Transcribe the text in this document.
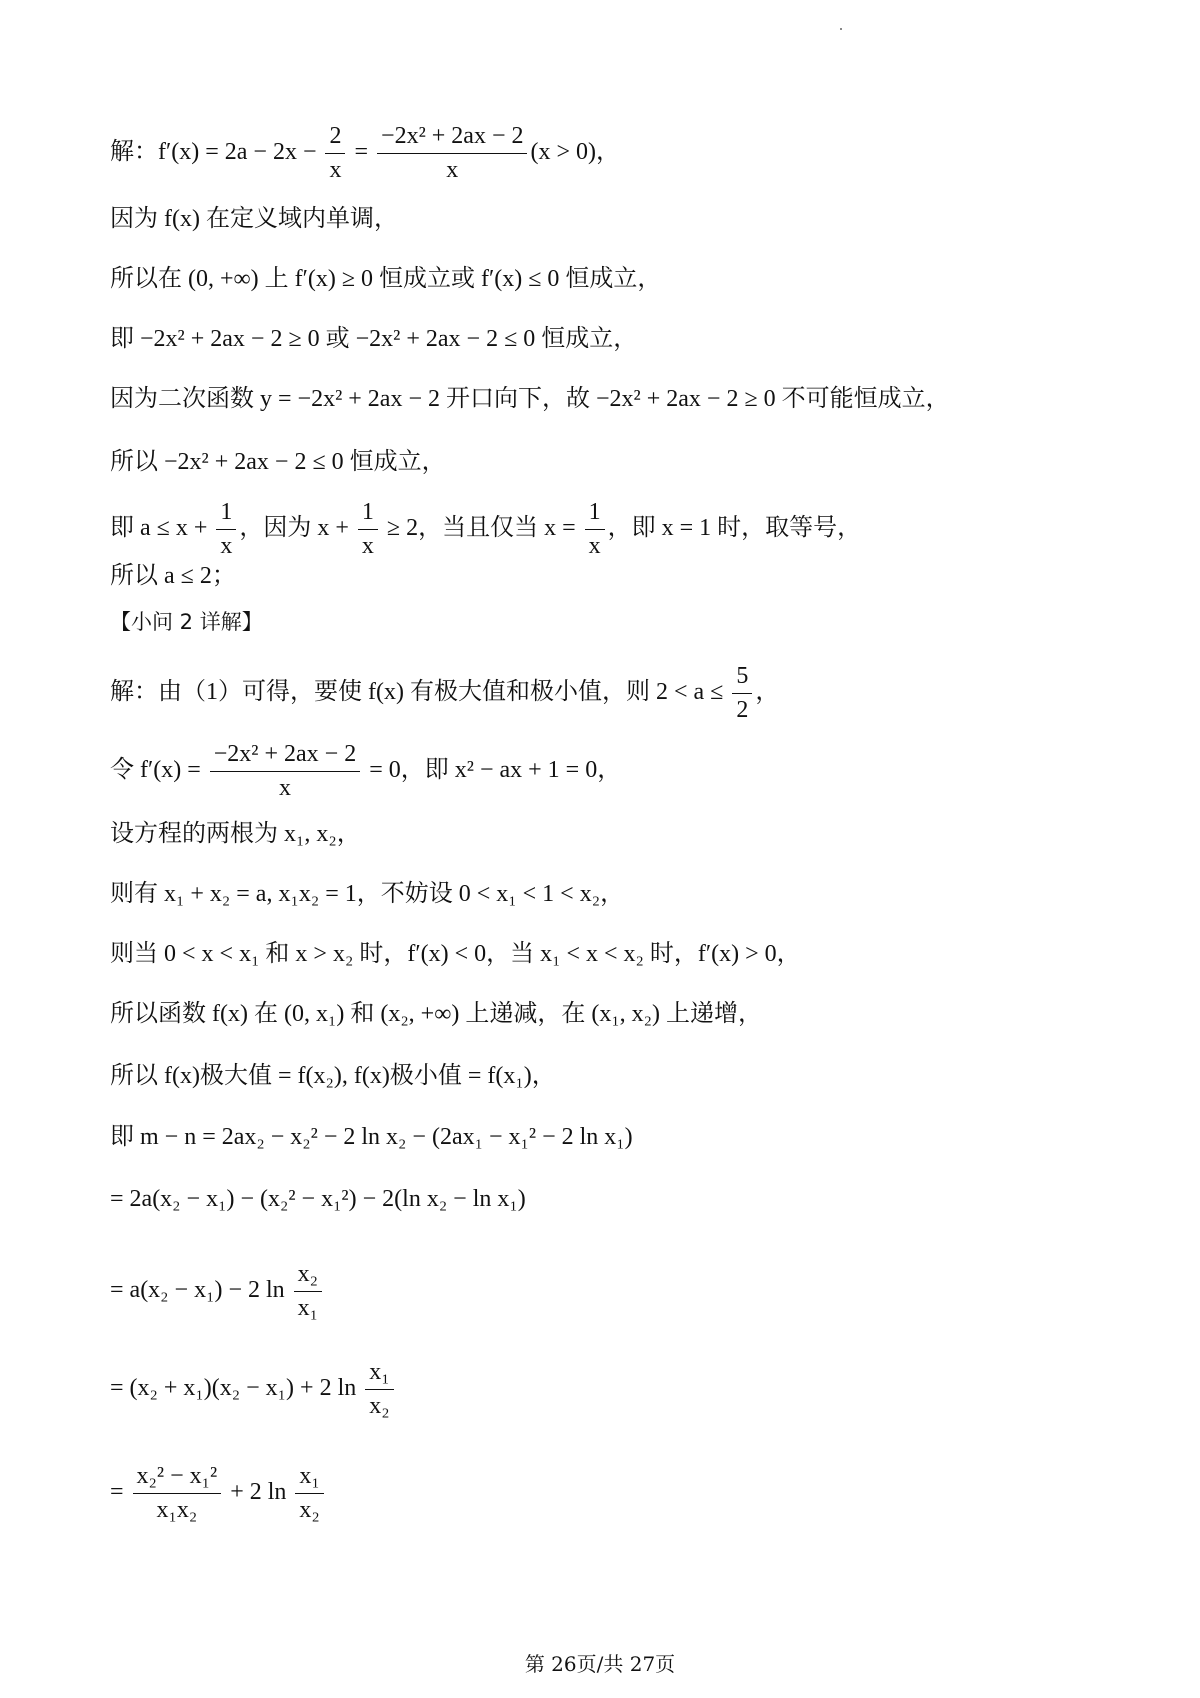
解：$f'(x) = 2a - 2x - \frac{2}{x} = \frac{\text{−2x² + 2ax − 2}}{x} (x > 0)$，
因为 f(x) 在定义域内单调，
所以在 (0, +∞) 上 f′(x) ≥ 0 恒成立或 f′(x) ≤ 0 恒成立，
即 −2x² + 2ax − 2 ≥ 0 或 −2x² + 2ax − 2 ≤ 0 恒成立，
因为二次函数 y = −2x² + 2ax − 2 开口向下，故 −2x² + 2ax − 2 ≥ 0 不可能恒成立，
所以 −2x² + 2ax − 2 ≤ 0 恒成立，
即 $a \le x + \frac{1}{x}$ ，因为 $x + \frac{1}{x} \ge 2$，当且仅当 $x = \frac{1}{x}$ ，即 x = 1 时，取等号，
所以 a ≤ 2；
【小问 2 详解】
解：由（1）可得，要使 f(x) 有极大值和极小值，则 $2 < a \le \frac{5}{2}$ ，
令 $f'(x) = \frac{\text{−2x² + 2ax − 2}}{x} = 0$，即 x² − ax + 1 = 0，
设方程的两根为 x₁, x₂，
则有 x₁ + x₂ = a, x₁x₂ = 1，不妨设 0 < x₁ < 1 < x₂，
则当 0 < x < x₁ 和 x > x₂ 时，f′(x) < 0，当 x₁ < x < x₂ 时，f′(x) > 0，
所以函数 f(x) 在 (0, x₁) 和 (x₂, +∞) 上递减，在 (x₁, x₂) 上递增，
所以 f(x)极大值 = f(x₂), f(x)极小值 = f(x₁)，
即 m − n = 2ax₂ − x₂² − 2 ln x₂ − (2ax₁ − x₁² − 2 ln x₁)
= 2a(x₂ − x₁) − (x₂² − x₁²) − 2(ln x₂ − ln x₁)
= a(x₂ − x₁) − 2 $\ln \frac{\text{x₂}}{\text{x₁}}$
= (x₂ + x₁)(x₂ − x₁) + 2 $\ln \frac{\text{x₁}}{\text{x₂}}$
= $\frac{\text{x₂² − x₁²}}{\text{x₁x₂}} + 2$ $\ln \frac{\text{x₁}}{\text{x₂}}$
第 26页/共 27页
